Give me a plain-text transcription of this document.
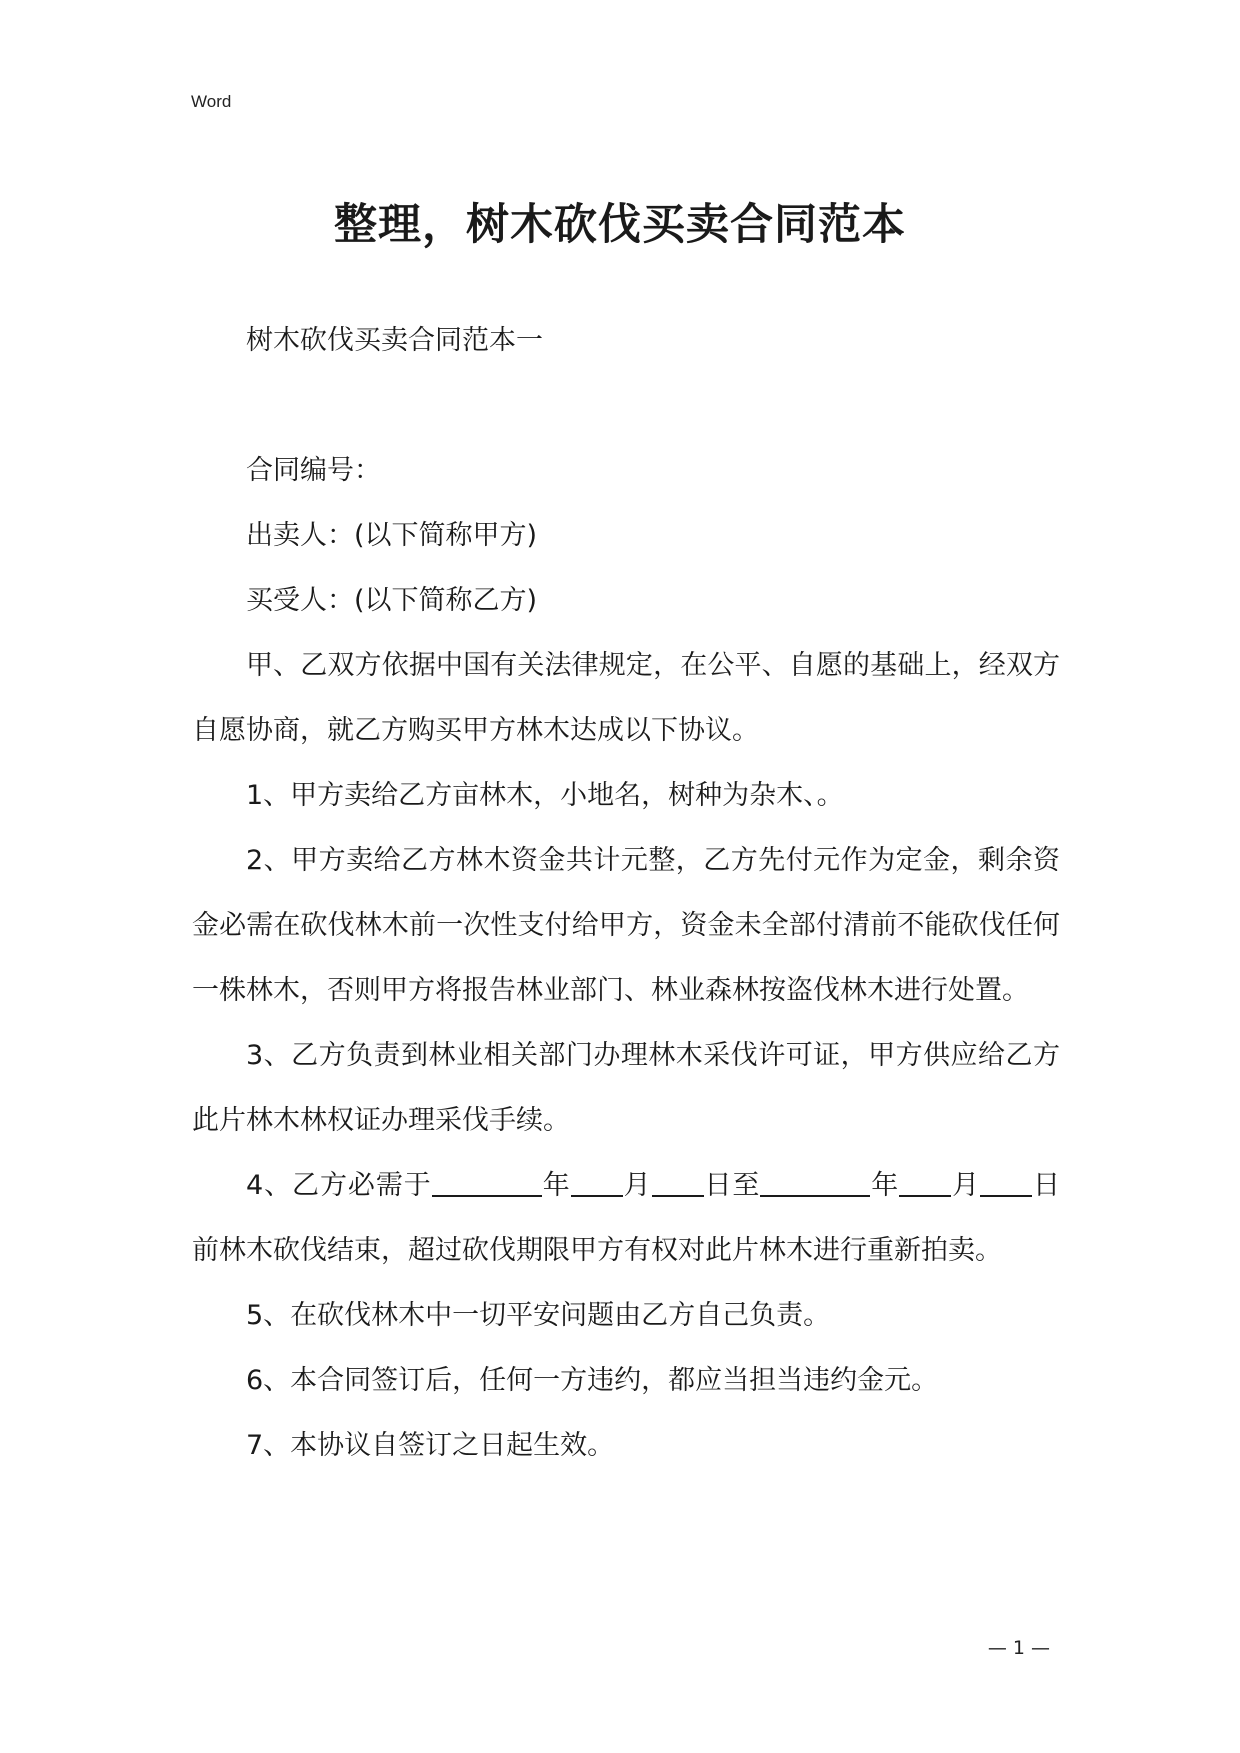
Word
整理，树木砍伐买卖合同范本

树木砍伐买卖合同范本一

合同编号：

出卖人：(以下简称甲方)

买受人：(以下简称乙方)

甲、乙双方依据中国有关法律规定，在公平、自愿的基础上，经双方自愿协商，就乙方购买甲方林木达成以下协议。

1、甲方卖给乙方亩林木，小地名，树种为杂木、。

2、甲方卖给乙方林木资金共计元整，乙方先付元作为定金，剩余资金必需在砍伐林木前一次性支付给甲方，资金未全部付清前不能砍伐任何一株林木，否则甲方将报告林业部门、林业森林按盗伐林木进行处置。

3、乙方负责到林业相关部门办理林木采伐许可证，甲方供应给乙方此片林木林权证办理采伐手续。

4、乙方必需于	年 月 日至	年 月 日前林木砍伐结束，超过砍伐期限甲方有权对此片林木进行重新拍卖。

5、在砍伐林木中一切平安问题由乙方自己负责。

6、本合同签订后，任何一方违约，都应当担当违约金元。

7、本协议自签订之日起生效。

— 1 —
